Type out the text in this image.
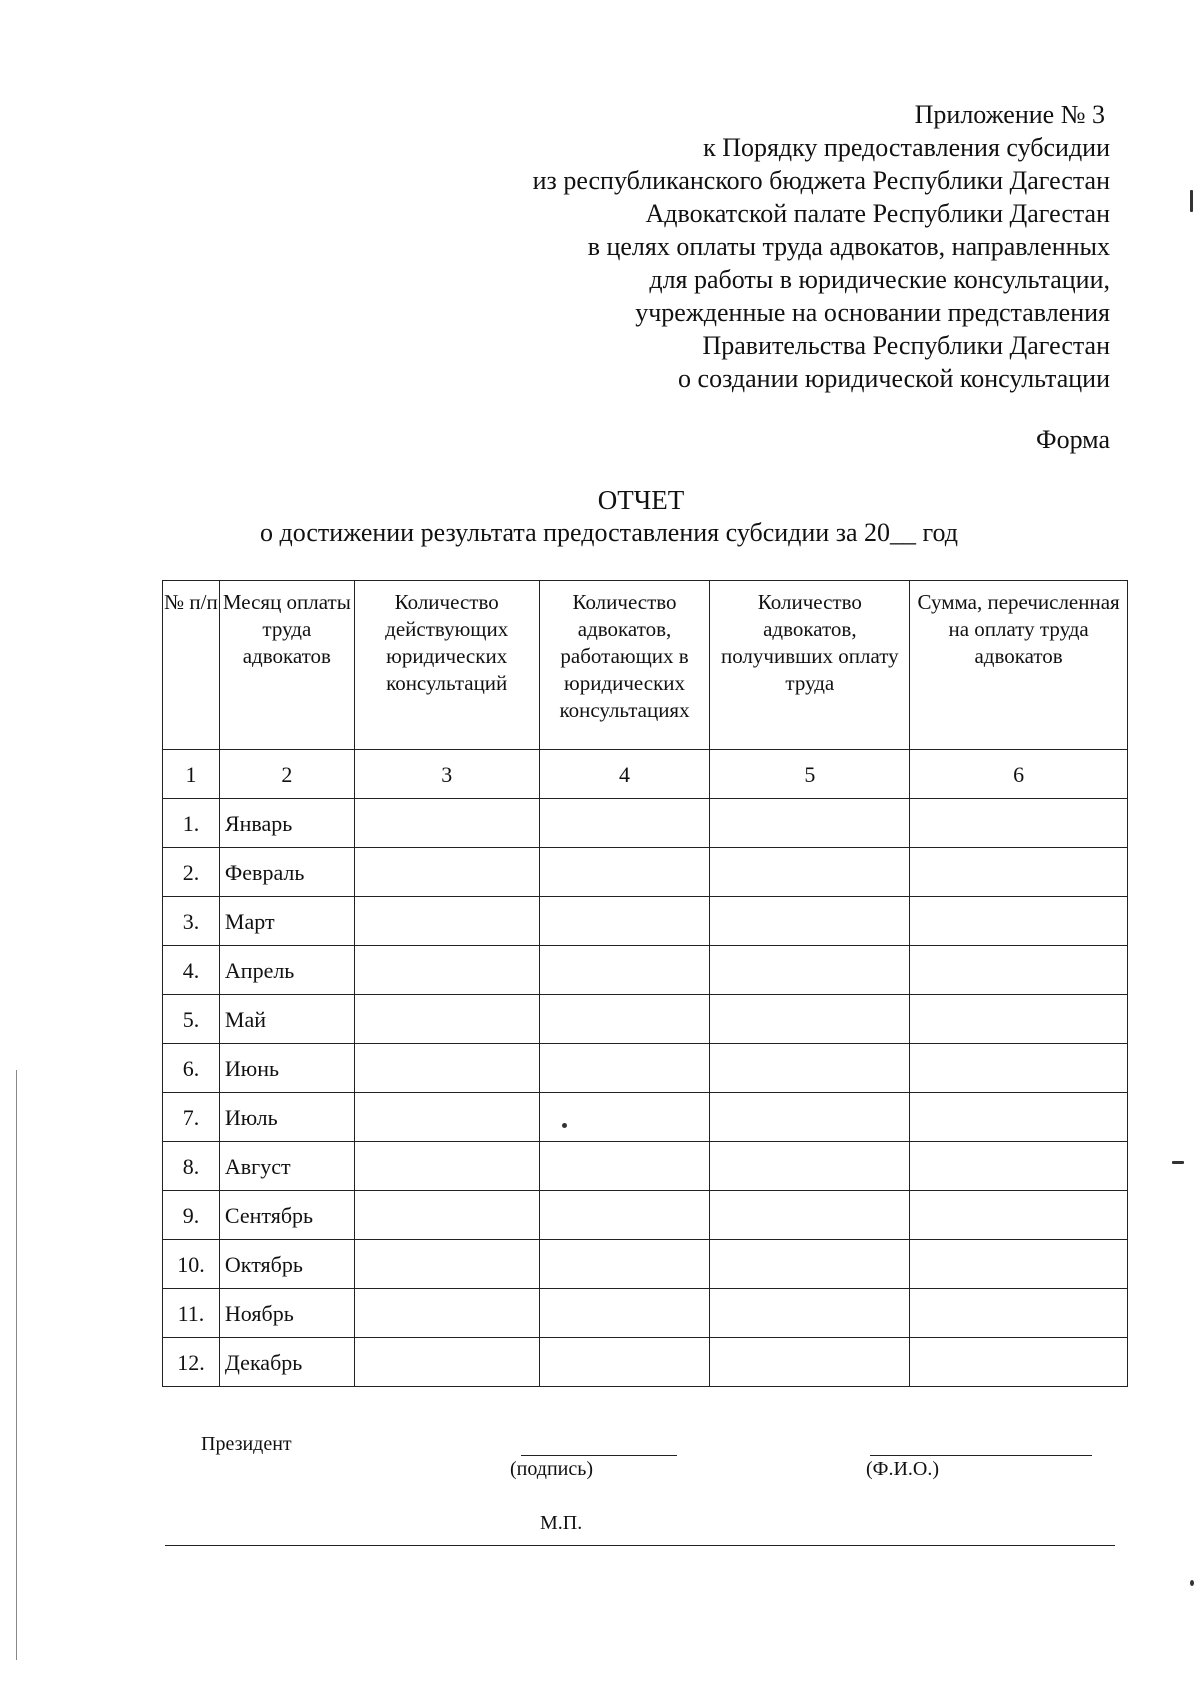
Приложение № 3
к Порядку предоставления субсидии
из республиканского бюджета Республики Дагестан
Адвокатской палате Республики Дагестан
в целях оплаты труда адвокатов, направленных
для работы в юридические консультации,
учрежденные на основании представления
Правительства Республики Дагестан
о создании юридической консультации
Форма
ОТЧЕТ
о достижении результата предоставления субсидии за 20__ год
№ п/п	Месяц оплаты труда адвокатов	Количество действующих юридических консультаций	Количество адвокатов, работающих в юридических консультациях	Количество адвокатов, получивших оплату труда	Сумма, перечисленная на оплату труда адвокатов
1	2	3	4	5	6
1.	Январь				
2.	Февраль				
3.	Март				
4.	Апрель				
5.	Май				
6.	Июнь				
7.	Июль				
8.	Август				
9.	Сентябрь				
10.	Октябрь				
11.	Ноябрь				
12.	Декабрь				
Президент
(подпись)	(Ф.И.О.)
М.П.
